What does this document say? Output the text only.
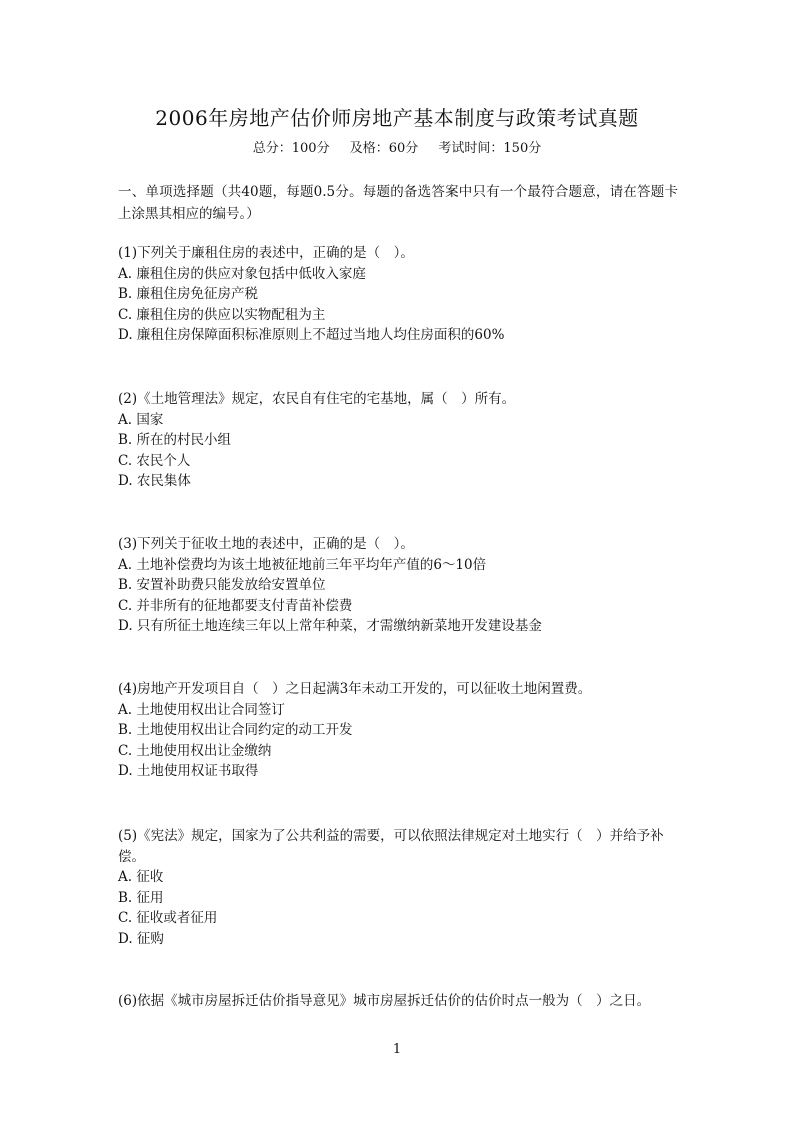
2006年房地产估价师房地产基本制度与政策考试真题
总分：100分 及格：60分 考试时间：150分
一、单项选择题（共40题，每题0.5分。每题的备选答案中只有一个最符合题意，请在答题卡上涂黑其相应的编号。）

(1)下列关于廉租住房的表述中，正确的是（　）。

A. 廉租住房的供应对象包括中低收入家庭

B. 廉租住房免征房产税

C. 廉租住房的供应以实物配租为主

D. 廉租住房保障面积标准原则上不超过当地人均住房面积的60%

(2)《土地管理法》规定，农民自有住宅的宅基地，属（　）所有。

A. 国家

B. 所在的村民小组

C. 农民个人

D. 农民集体

(3)下列关于征收土地的表述中，正确的是（　）。

A. 土地补偿费均为该土地被征地前三年平均年产值的6～10倍

B. 安置补助费只能发放给安置单位

C. 并非所有的征地都要支付青苗补偿费

D. 只有所征土地连续三年以上常年种菜，才需缴纳新菜地开发建设基金

(4)房地产开发项目自（　）之日起满3年未动工开发的，可以征收土地闲置费。

A. 土地使用权出让合同签订

B. 土地使用权出让合同约定的动工开发

C. 土地使用权出让金缴纳

D. 土地使用权证书取得

(5)《宪法》规定，国家为了公共利益的需要，可以依照法律规定对土地实行（　）并给予补偿。

A. 征收

B. 征用

C. 征收或者征用

D. 征购

(6)依据《城市房屋拆迁估价指导意见》城市房屋拆迁估价的估价时点一般为（　）之日。

1
